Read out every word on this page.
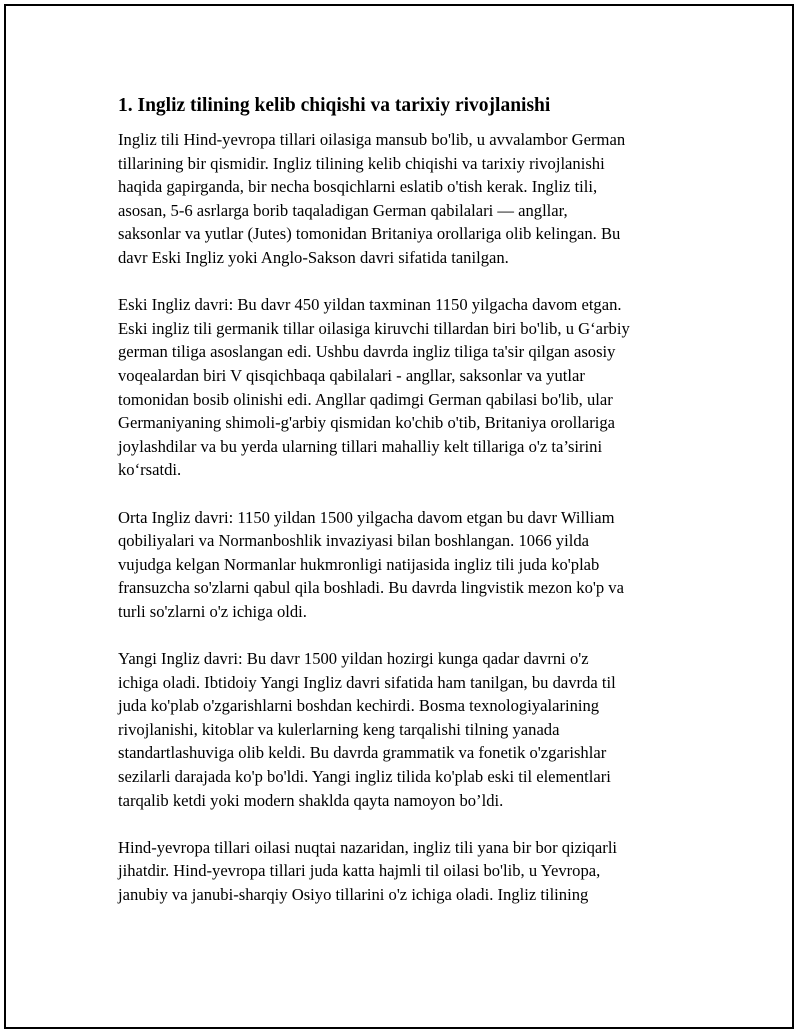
1. Ingliz tilining kelib chiqishi va tarixiy rivojlanishi
Ingliz tili Hind-yevropa tillari oilasiga mansub bo'lib, u avvalambor German
tillarining bir qismidir. Ingliz tilining kelib chiqishi va tarixiy rivojlanishi
haqida gapirganda, bir necha bosqichlarni eslatib o'tish kerak. Ingliz tili,
asosan, 5-6 asrlarga borib taqaladigan German qabilalari — angllar,
saksonlar va yutlar (Jutes) tomonidan Britaniya orollariga olib kelingan. Bu
davr Eski Ingliz yoki Anglo-Sakson davri sifatida tanilgan.
Eski Ingliz davri: Bu davr 450 yildan taxminan 1150 yilgacha davom etgan.
Eski ingliz tili germanik tillar oilasiga kiruvchi tillardan biri bo'lib, u G‘arbiy
german tiliga asoslangan edi. Ushbu davrda ingliz tiliga ta'sir qilgan asosiy
voqealardan biri V qisqichbaqa qabilalari - angllar, saksonlar va yutlar
tomonidan bosib olinishi edi. Angllar qadimgi German qabilasi bo'lib, ular
Germaniyaning shimoli-g'arbiy qismidan ko'chib o'tib, Britaniya orollariga
joylashdilar va bu yerda ularning tillari mahalliy kelt tillariga o'z ta’sirini
ko‘rsatdi.
Orta Ingliz davri: 1150 yildan 1500 yilgacha davom etgan bu davr William
qobiliyalari va Normanboshlik invaziyasi bilan boshlangan. 1066 yilda
vujudga kelgan Normanlar hukmronligi natijasida ingliz tili juda ko'plab
fransuzcha so'zlarni qabul qila boshladi. Bu davrda lingvistik mezon ko'p va
turli so'zlarni o'z ichiga oldi.
Yangi Ingliz davri: Bu davr 1500 yildan hozirgi kunga qadar davrni o'z
ichiga oladi. Ibtidoiy Yangi Ingliz davri sifatida ham tanilgan, bu davrda til
juda ko'plab o'zgarishlarni boshdan kechirdi. Bosma texnologiyalarining
rivojlanishi, kitoblar va kulerlarning keng tarqalishi tilning yanada
standartlashuviga olib keldi. Bu davrda grammatik va fonetik o'zgarishlar
sezilarli darajada ko'p bo'ldi. Yangi ingliz tilida ko'plab eski til elementlari
tarqalib ketdi yoki modern shaklda qayta namoyon bo’ldi.
Hind-yevropa tillari oilasi nuqtai nazaridan, ingliz tili yana bir bor qiziqarli
jihatdir. Hind-yevropa tillari juda katta hajmli til oilasi bo'lib, u Yevropa,
janubiy va janubi-sharqiy Osiyo tillarini o'z ichiga oladi. Ingliz tilining
